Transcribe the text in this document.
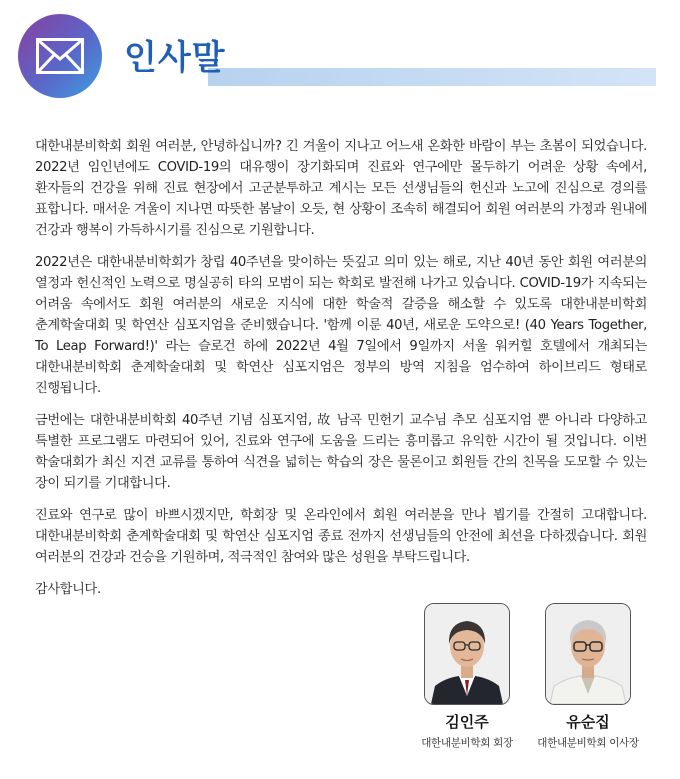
인사말

대한내분비학회 회원 여러분, 안녕하십니까? 긴 겨울이 지나고 어느새 온화한 바람이 부는 초봄이 되었습니다. 2022년 임인년에도 COVID-19의 대유행이 장기화되며 진료와 연구에만 몰두하기 어려운 상황 속에서, 환자들의 건강을 위해 진료 현장에서 고군분투하고 계시는 모든 선생님들의 헌신과 노고에 진심으로 경의를 표합니다. 매서운 겨울이 지나면 따뜻한 봄날이 오듯, 현 상황이 조속히 해결되어 회원 여러분의 가정과 원내에 건강과 행복이 가득하시기를 진심으로 기원합니다.

2022년은 대한내분비학회가 창립 40주년을 맞이하는 뜻깊고 의미 있는 해로, 지난 40년 동안 회원 여러분의 열정과 헌신적인 노력으로 명실공히 타의 모범이 되는 학회로 발전해 나가고 있습니다. COVID-19가 지속되는 어려움 속에서도 회원 여러분의 새로운 지식에 대한 학술적 갈증을 해소할 수 있도록 대한내분비학회 춘계학술대회 및 학연산 심포지엄을 준비했습니다. '함께 이룬 40년, 새로운 도약으로! (40 Years Together, To Leap Forward!)' 라는 슬로건 하에 2022년 4월 7일에서 9일까지 서울 워커힐 호텔에서 개최되는 대한내분비학회 춘계학술대회 및 학연산 심포지엄은 정부의 방역 지침을 엄수하여 하이브리드 형태로 진행됩니다.

금번에는 대한내분비학회 40주년 기념 심포지엄, 故 남곡 민헌기 교수님 추모 심포지엄 뿐 아니라 다양하고 특별한 프로그램도 마련되어 있어, 진료와 연구에 도움을 드리는 흥미롭고 유익한 시간이 될 것입니다. 이번 학술대회가 최신 지견 교류를 통하여 식견을 넓히는 학습의 장은 물론이고 회원들 간의 친목을 도모할 수 있는 장이 되기를 기대합니다.

진료와 연구로 많이 바쁘시겠지만, 학회장 및 온라인에서 회원 여러분을 만나 뵙기를 간절히 고대합니다. 대한내분비학회 춘계학술대회 및 학연산 심포지엄 종료 전까지 선생님들의 안전에 최선을 다하겠습니다. 회원 여러분의 건강과 건승을 기원하며, 적극적인 참여와 많은 성원을 부탁드립니다.

감사합니다.

김인주
대한내분비학회 회장
유순집
대한내분비학회 이사장
